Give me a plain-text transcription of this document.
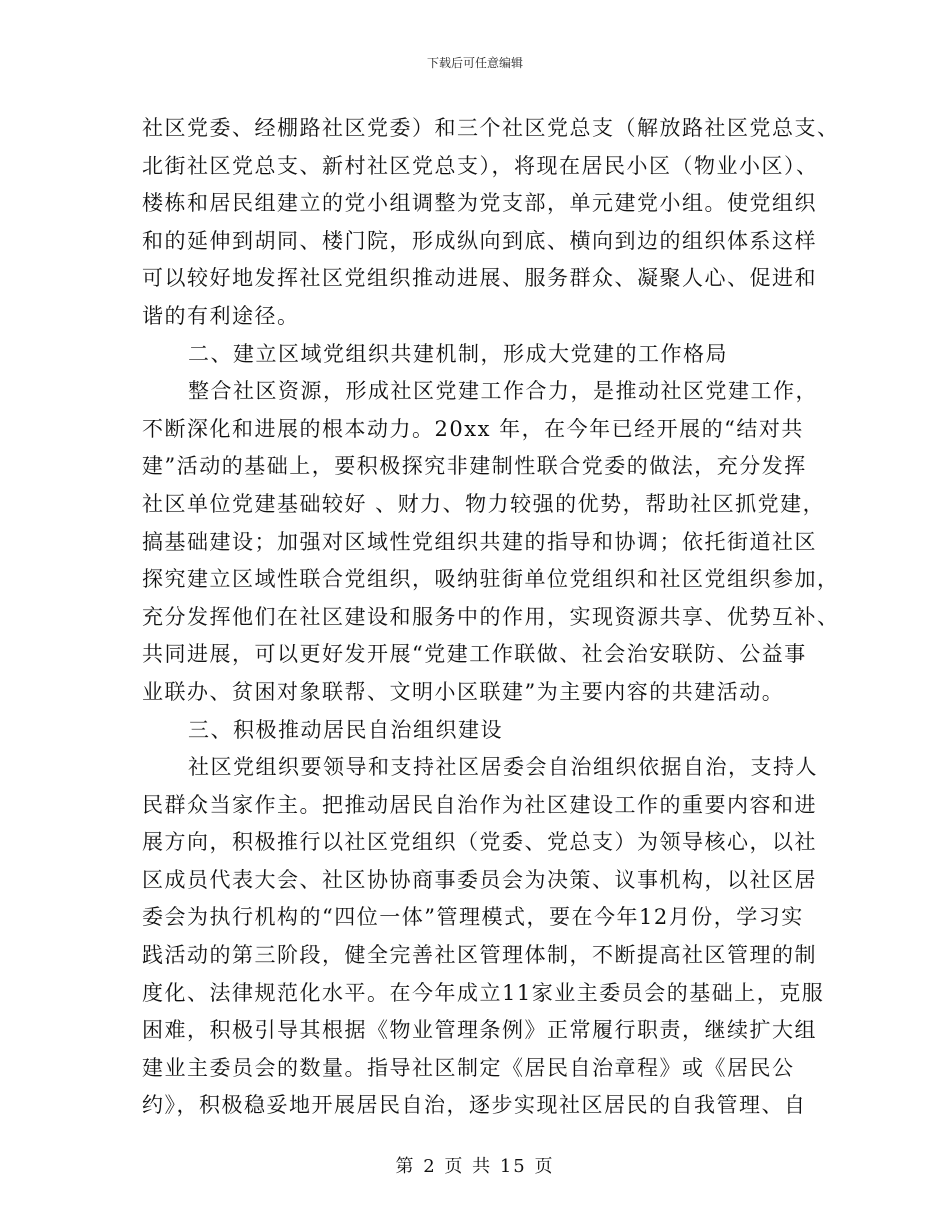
下载后可任意编辑
社区党委、经棚路社区党委）和三个社区党总支（解放路社区党总支、
北街社区党总支、新村社区党总支），将现在居民小区（物业小区）、
楼栋和居民组建立的党小组调整为党支部，单元建党小组。使党组织
和的延伸到胡同、楼门院，形成纵向到底、横向到边的组织体系这样
可以较好地发挥社区党组织推动进展、服务群众、凝聚人心、促进和
谐的有利途径。
二、建立区域党组织共建机制，形成大党建的工作格局
整合社区资源，形成社区党建工作合力，是推动社区党建工作，
不断深化和进展的根本动力。20xx 年，在今年已经开展的“结对共
建”活动的基础上，要积极探究非建制性联合党委的做法，充分发挥
社区单位党建基础较好 、财力、物力较强的优势，帮助社区抓党建，
搞基础建设；加强对区域性党组织共建的指导和协调；依托街道社区
探究建立区域性联合党组织，吸纳驻街单位党组织和社区党组织参加，
充分发挥他们在社区建设和服务中的作用，实现资源共享、优势互补、
共同进展，可以更好发开展“党建工作联做、社会治安联防、公益事
业联办、贫困对象联帮、文明小区联建”为主要内容的共建活动。
三、积极推动居民自治组织建设
社区党组织要领导和支持社区居委会自治组织依据自治，支持人
民群众当家作主。把推动居民自治作为社区建设工作的重要内容和进
展方向，积极推行以社区党组织（党委、党总支）为领导核心，以社
区成员代表大会、社区协协商事委员会为决策、议事机构，以社区居
委会为执行机构的“四位一体”管理模式，要在今年12月份，学习实
践活动的第三阶段，健全完善社区管理体制，不断提高社区管理的制
度化、法律规范化水平。在今年成立11家业主委员会的基础上，克服
困难，积极引导其根据《物业管理条例》正常履行职责，继续扩大组
建业主委员会的数量。指导社区制定《居民自治章程》或《居民公
约》，积极稳妥地开展居民自治，逐步实现社区居民的自我管理、自
第 2 页 共 15 页
